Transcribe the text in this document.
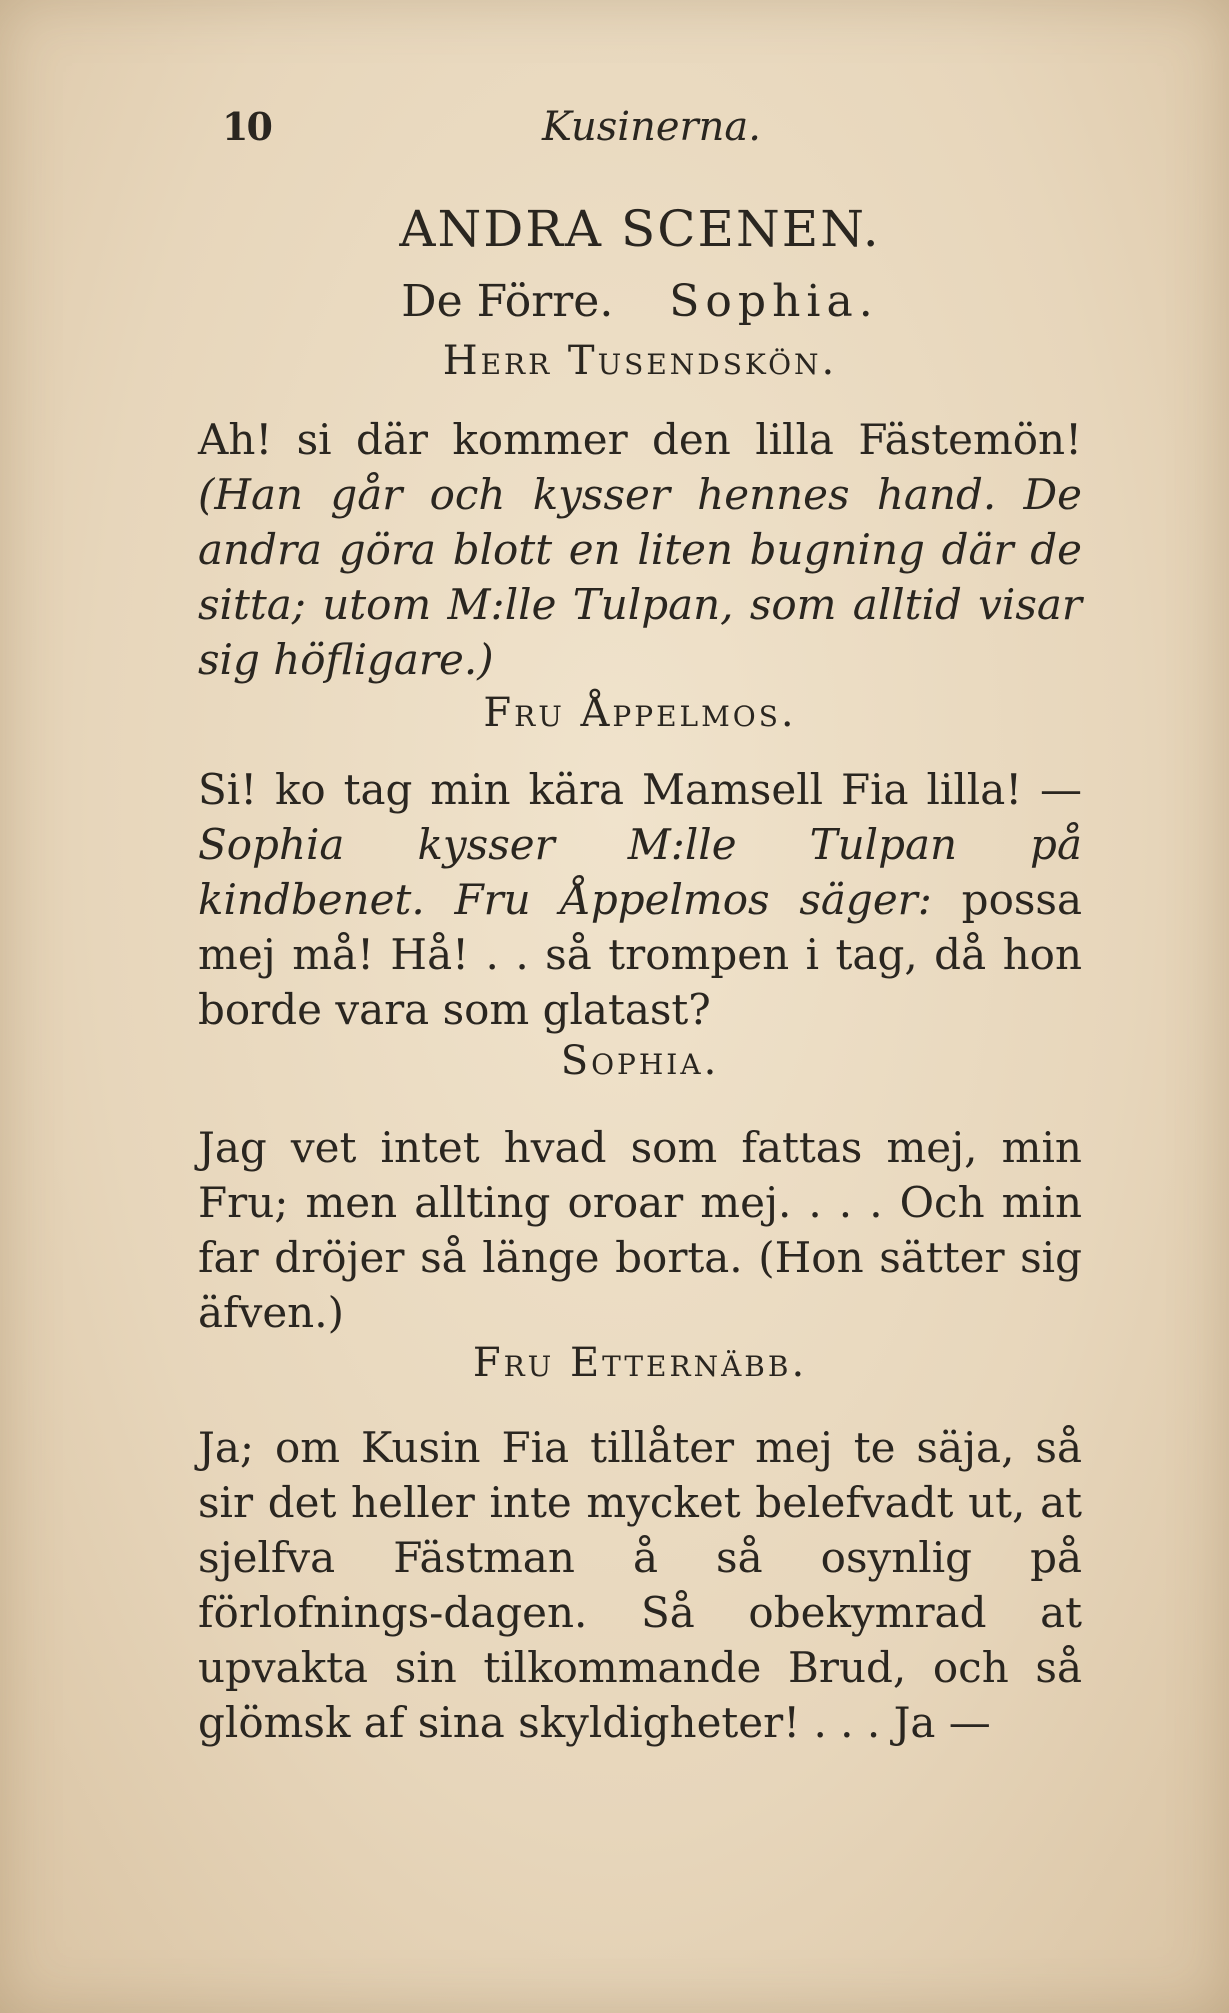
10	Kusinerna.
ANDRA SCENEN.
De Förre. Sophia.
Herr Tusendskön.

Ah! si där kommer den lilla Fästemön! (Han går och kysser hennes hand. De andra göra blott en liten bugning där de sitta; utom M:lle Tulpan, som alltid visar sig höfligare.)

Fru Åppelmos.

Si! ko tag min kära Mamsell Fia lilla! — Sophia kysser M:lle Tulpan på kindbenet. Fru Åppelmos säger: possa mej må! Hå! . . så trompen i tag, då hon borde vara som glatast?

Sophia.

Jag vet intet hvad som fattas mej, min Fru; men allting oroar mej. . . . Och min far dröjer så länge borta. (Hon sätter sig äfven.)

Fru Etternäbb.

Ja; om Kusin Fia tillåter mej te säja, så sir det heller inte mycket belefvadt ut, at sjelfva Fästman å så osynlig på förlofnings-dagen. Så obekymrad at upvakta sin tilkommande Brud, och så glömsk af sina skyldigheter! . . . Ja —
